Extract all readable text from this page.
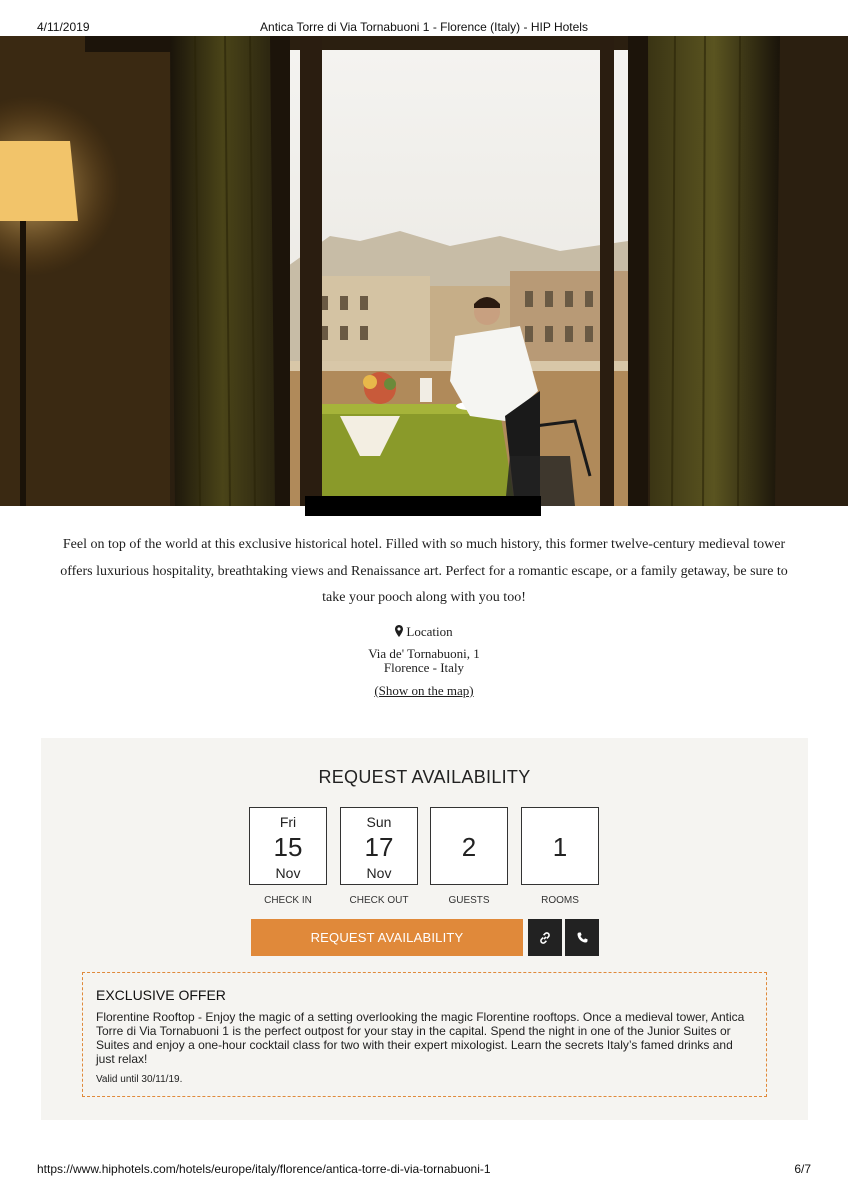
4/11/2019	Antica Torre di Via Tornabuoni 1 - Florence (Italy) - HIP Hotels

Feel on top of the world at this exclusive historical hotel. Filled with so much history, this former twelve-century medieval tower offers luxurious hospitality, breathtaking views and Renaissance art. Perfect for a romantic escape, or a family getaway, be sure to take your pooch along with you too!

Location
Via de' Tornabuoni, 1
Florence - Italy
(Show on the map)
REQUEST AVAILABILITY
Fri
15
Nov
CHECK IN
Sun
17
Nov
CHECK OUT
2
GUESTS
1
ROOMS
REQUEST AVAILABILITY
EXCLUSIVE OFFER
Florentine Rooftop - Enjoy the magic of a setting overlooking the magic Florentine rooftops. Once a medieval tower, Antica Torre di Via Tornabuoni 1 is the perfect outpost for your stay in the capital. Spend the night in one of the Junior Suites or Suites and enjoy a one-hour cocktail class for two with their expert mixologist. Learn the secrets Italy’s famed drinks and just relax!
Valid until 30/11/19.
https://www.hiphotels.com/hotels/europe/italy/florence/antica-torre-di-via-tornabuoni-1	6/7
